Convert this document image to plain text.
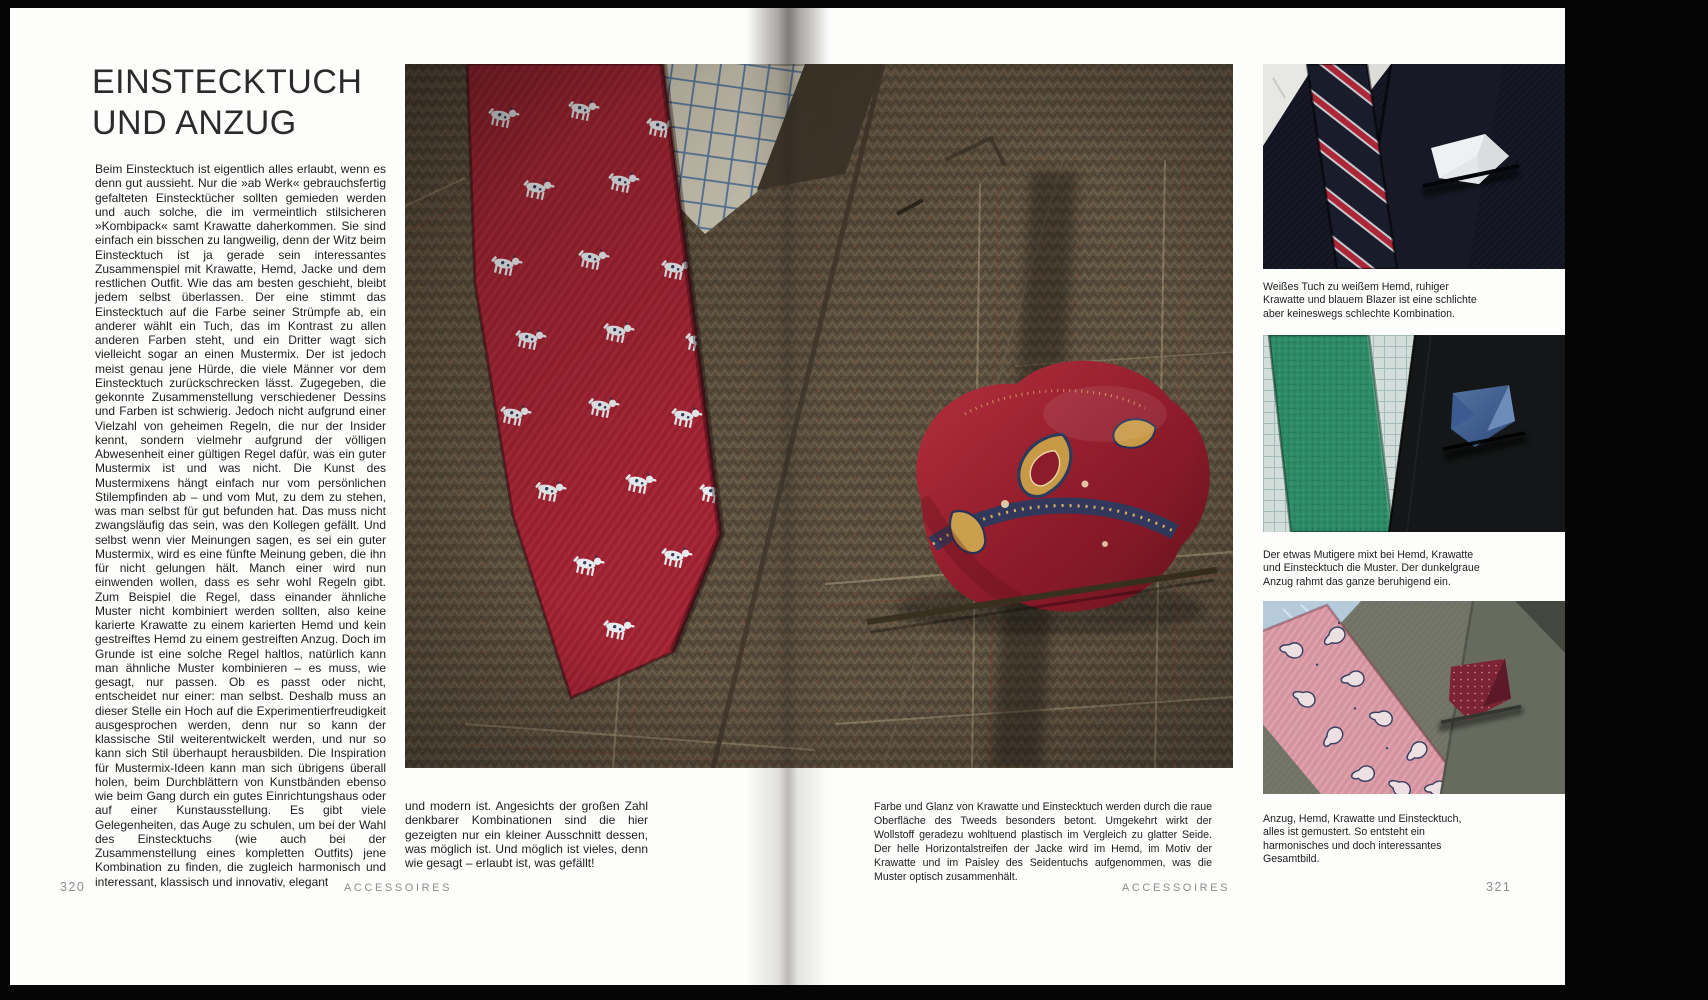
EINSTECKTUCH
UND ANZUG
Beim Einstecktuch ist eigentlich alles erlaubt, wenn es denn gut aussieht. Nur die »ab Werk« gebrauchsfertig gefalteten Einstecktücher sollten gemieden werden und auch solche, die im vermeintlich stilsicheren »Kombipack« samt Krawatte daherkommen. Sie sind einfach ein bisschen zu langweilig, denn der Witz beim Einstecktuch ist ja gerade sein interessantes Zusammenspiel mit Krawatte, Hemd, Jacke und dem restlichen Outfit. Wie das am besten geschieht, bleibt jedem selbst überlassen. Der eine stimmt das Einstecktuch auf die Farbe seiner Strümpfe ab, ein anderer wählt ein Tuch, das im Kontrast zu allen anderen Farben steht, und ein Dritter wagt sich vielleicht sogar an einen Mustermix. Der ist jedoch meist genau jene Hürde, die viele Männer vor dem Einstecktuch zurückschrecken lässt. Zugegeben, die gekonnte Zusammenstellung verschiedener Dessins und Farben ist schwierig. Jedoch nicht aufgrund einer Vielzahl von geheimen Regeln, die nur der Insider kennt, sondern vielmehr aufgrund der völligen Abwesenheit einer gültigen Regel dafür, was ein guter Mustermix ist und was nicht. Die Kunst des Mustermixens hängt einfach nur vom persönlichen Stilempfinden ab – und vom Mut, zu dem zu stehen, was man selbst für gut befunden hat. Das muss nicht zwangsläufig das sein, was den Kollegen gefällt. Und selbst wenn vier Meinungen sagen, es sei ein guter Mustermix, wird es eine fünfte Meinung geben, die ihn für nicht gelungen hält. Manch einer wird nun einwenden wollen, dass es sehr wohl Regeln gibt. Zum Beispiel die Regel, dass einander ähnliche Muster nicht kombiniert werden sollten, also keine karierte Krawatte zu einem karierten Hemd und kein gestreiftes Hemd zu einem gestreiften Anzug. Doch im Grunde ist eine solche Regel haltlos, natürlich kann man ähnliche Muster kombinieren – es muss, wie gesagt, nur passen. Ob es passt oder nicht, entscheidet nur einer: man selbst. Deshalb muss an dieser Stelle ein Hoch auf die Experimentierfreudigkeit ausgesprochen werden, denn nur so kann der klassische Stil weiterentwickelt werden, und nur so kann sich Stil überhaupt herausbilden. Die Inspiration für Mustermix-Ideen kann man sich übrigens überall holen, beim Durchblättern von Kunstbänden ebenso wie beim Gang durch ein gutes Einrichtungshaus oder auf einer Kunstausstellung. Es gibt viele Gelegenheiten, das Auge zu schulen, um bei der Wahl des Einstecktuchs (wie auch bei der Zusammenstellung eines kompletten Outfits) jene Kombination zu finden, die zugleich harmonisch und interessant, klassisch und innovativ, elegant
und modern ist. Angesichts der großen Zahl denkbarer Kombinationen sind die hier gezeigten nur ein kleiner Ausschnitt dessen, was möglich ist. Und möglich ist vieles, denn wie gesagt – erlaubt ist, was gefällt!
Farbe und Glanz von Krawatte und Einstecktuch werden durch die raue Oberfläche des Tweeds besonders betont. Umgekehrt wirkt der Wollstoff geradezu wohltuend plastisch im Vergleich zu glatter Seide. Der helle Horizontalstreifen der Jacke wird im Hemd, im Motiv der Krawatte und im Paisley des Seidentuchs aufgenommen, was die Muster optisch zusammenhält.
Weißes Tuch zu weißem Hemd, ruhiger Krawatte und blauem Blazer ist eine schlichte aber keineswegs schlechte Kombination.
Der etwas Mutigere mixt bei Hemd, Krawatte und Einstecktuch die Muster. Der dunkelgraue Anzug rahmt das ganze beruhigend ein.
Anzug, Hemd, Krawatte und Einstecktuch, alles ist gemustert. So entsteht ein harmonisches und doch interessantes Gesamtbild.
320	ACCESSOIRES	ACCESSOIRES	321
